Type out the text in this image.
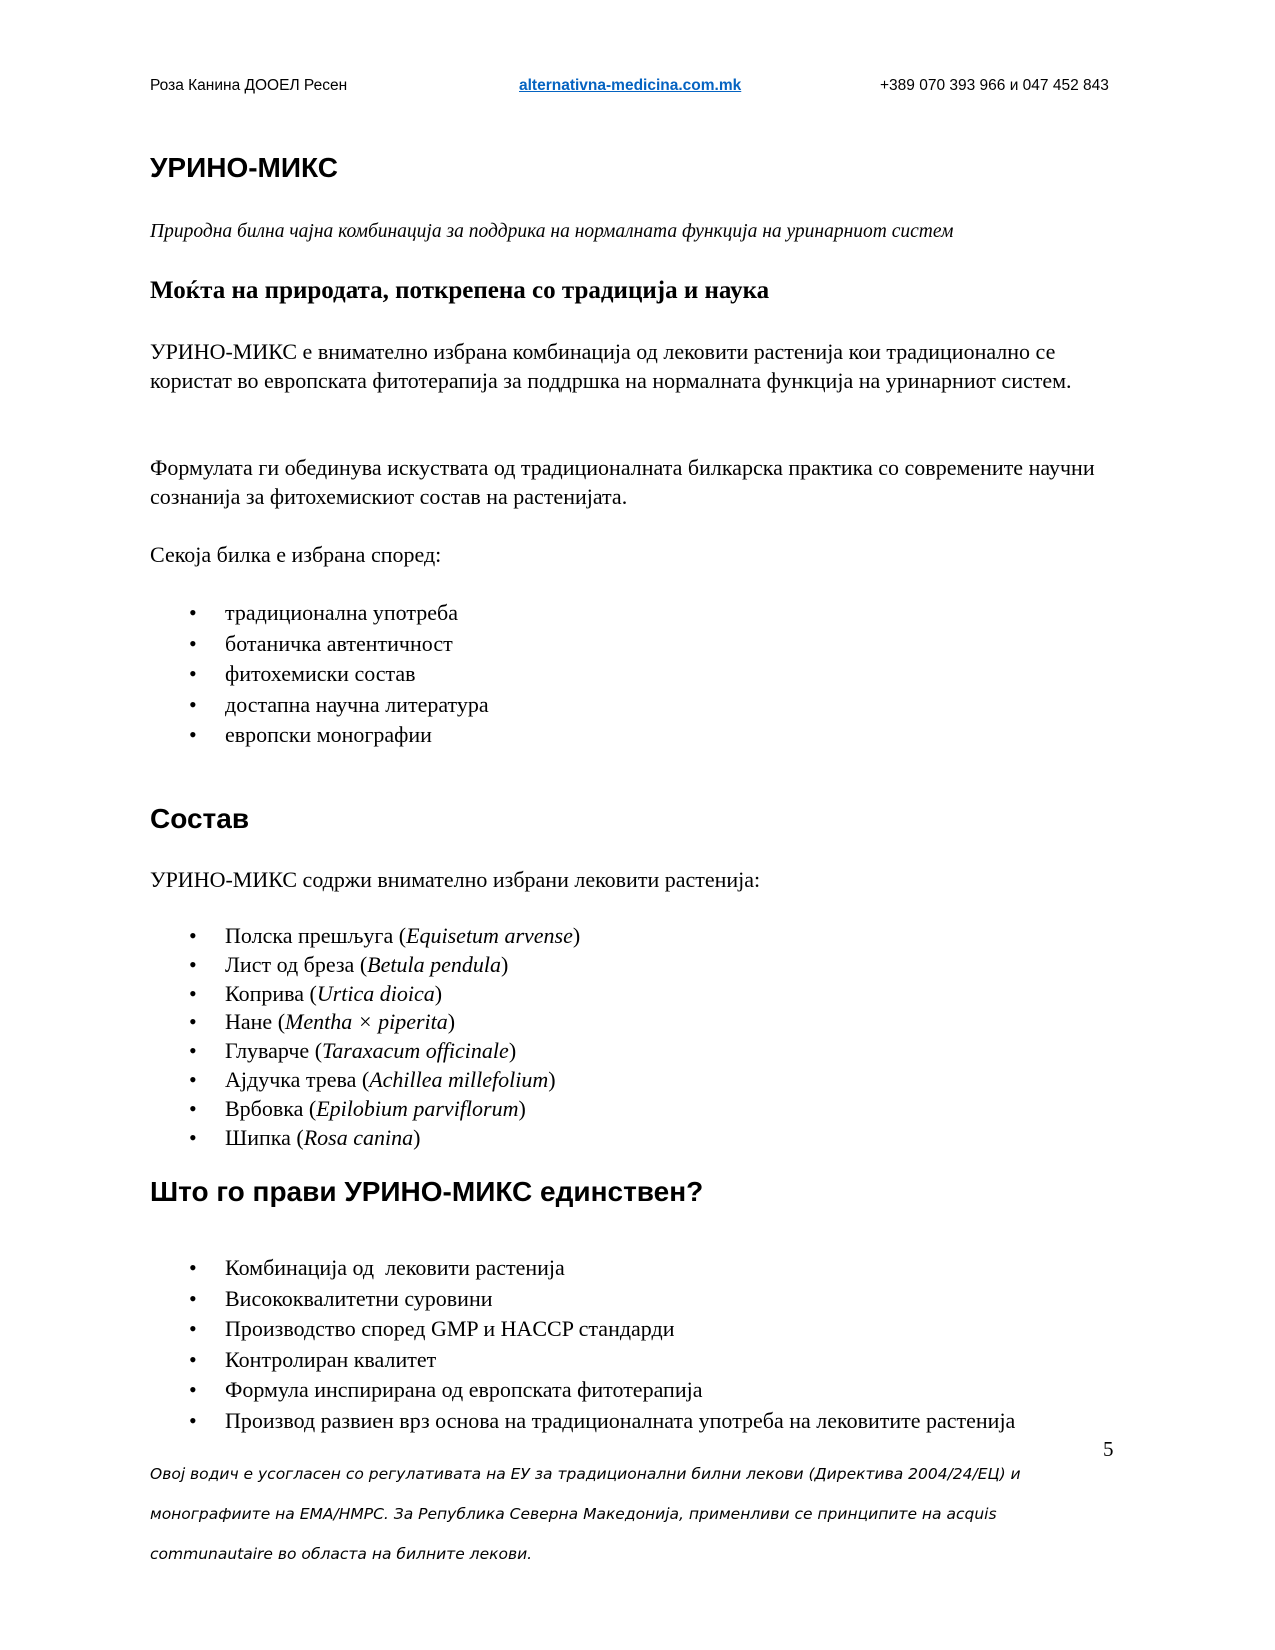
Роза Канина ДООЕЛ Ресен	alternativna-medicina.com.mk	+389 070 393 966 и 047 452 843
УРИНО-МИКС
Природна билна чајна комбинација за поддрика на нормалната функција на уринарниот систем
Моќта на природата, поткрепена со традиција и наука
УРИНО-МИКС е внимателно избрана комбинација од лековити растенија кои традиционално се користат во европската фитотерапија за поддршка на нормалната функција на уринарниот систем.
Формулата ги обединува искуствата од традиционалната билкарска практика со современите научни сознанија за фитохемискиот состав на растенијата.
Секоја билка е избрана според:
• традиционална употреба
• ботаничка автентичност
• фитохемиски состав
• достапна научна литература
• европски монографии
Состав
УРИНО-МИКС содржи внимателно избрани лековити растенија:
• Полска прешљуга (Equisetum arvense)
• Лист од бреза (Betula pendula)
• Коприва (Urtica dioica)
• Нане (Mentha × piperita)
• Глуварче (Taraxacum officinale)
• Ајдучка трева (Achillea millefolium)
• Врбовка (Epilobium parviflorum)
• Шипка (Rosa canina)
Што го прави УРИНО-МИКС единствен?
• Комбинација од  лековити растенија
• Висококвалитетни суровини
• Производство според GMP и HACCP стандарди
• Контролиран квалитет
• Формула инспирирана од европската фитотерапија
• Производ развиен врз основа на традиционалната употреба на лековитите растенија
5
Овој водич е усогласен со регулативата на ЕУ за традиционални билни лекови (Директива 2004/24/ЕЦ) и
монографиите на ЕМА/HMPC. За Република Северна Македонија, применливи се принципите на acquis
communautaire во областа на билните лекови.
